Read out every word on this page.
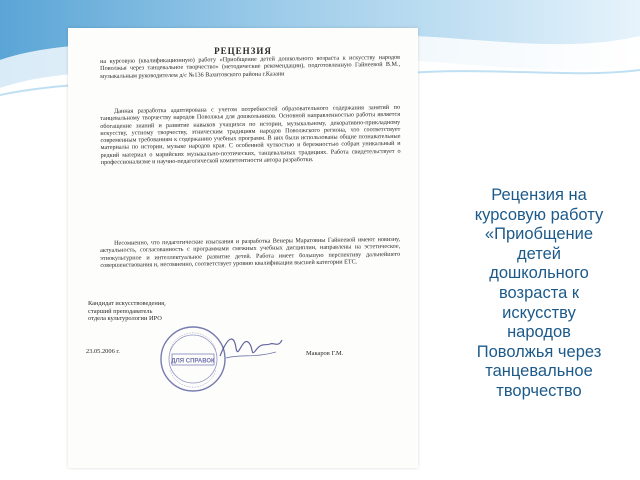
РЕЦЕНЗИЯ

на курсовую (квалификационную) работу «Приобщение детей дошкольного возраста к искусству народов Поволжья через танцевальное творчество» (методические рекомендации), подготовленную Гайнеевой В.М., музыкальным руководителем д/с №136 Вахитовского района г.Казани

Данная разработка адаптирована с учетом потребностей образовательного содержания занятий по танцевальному творчеству народов Поволжья для дошкольников. Основной направленностью работы является обогащение знаний и развитие навыков учащихся по истории, музыкальному, декоративно-прикладному искусству, устному творчеству, этническим традициям народов Поволжского региона, что соответствует современным требованиям к содержанию учебных программ. В них были использованы общие познавательные материалы по истории, музыке народов края. С особенной чуткостью и бережностью собран уникальный и редкий материал о марийских музыкально-поэтических, танцевальных традициях. Работа свидетельствует о профессионализме и научно-педагогической компетентности автора разработки.

Несомненно, что педагогические изыскания и разработка Венеры Маратовны Гайнеевой имеют новизну, актуальность, согласованность с программами смежных учебных дисциплин, направлены на эстетическое, этнокультурное и интеллектуальное развитие детей. Работа имеет большую перспективу дальнейшего совершенствования и, несомненно, соответствует уровню квалификации высшей категории ЕТС.

Кандидат искусствоведения,
старший преподаватель
отдела культурологии ИРО
23.05.2006 г.	Макаров Г.М.
ДЛЯ СПРАВОК
Рецензия на
курсовую работу
«Приобщение
детей
дошкольного
возраста к
искусству
народов
Поволжья через
танцевальное
творчество
